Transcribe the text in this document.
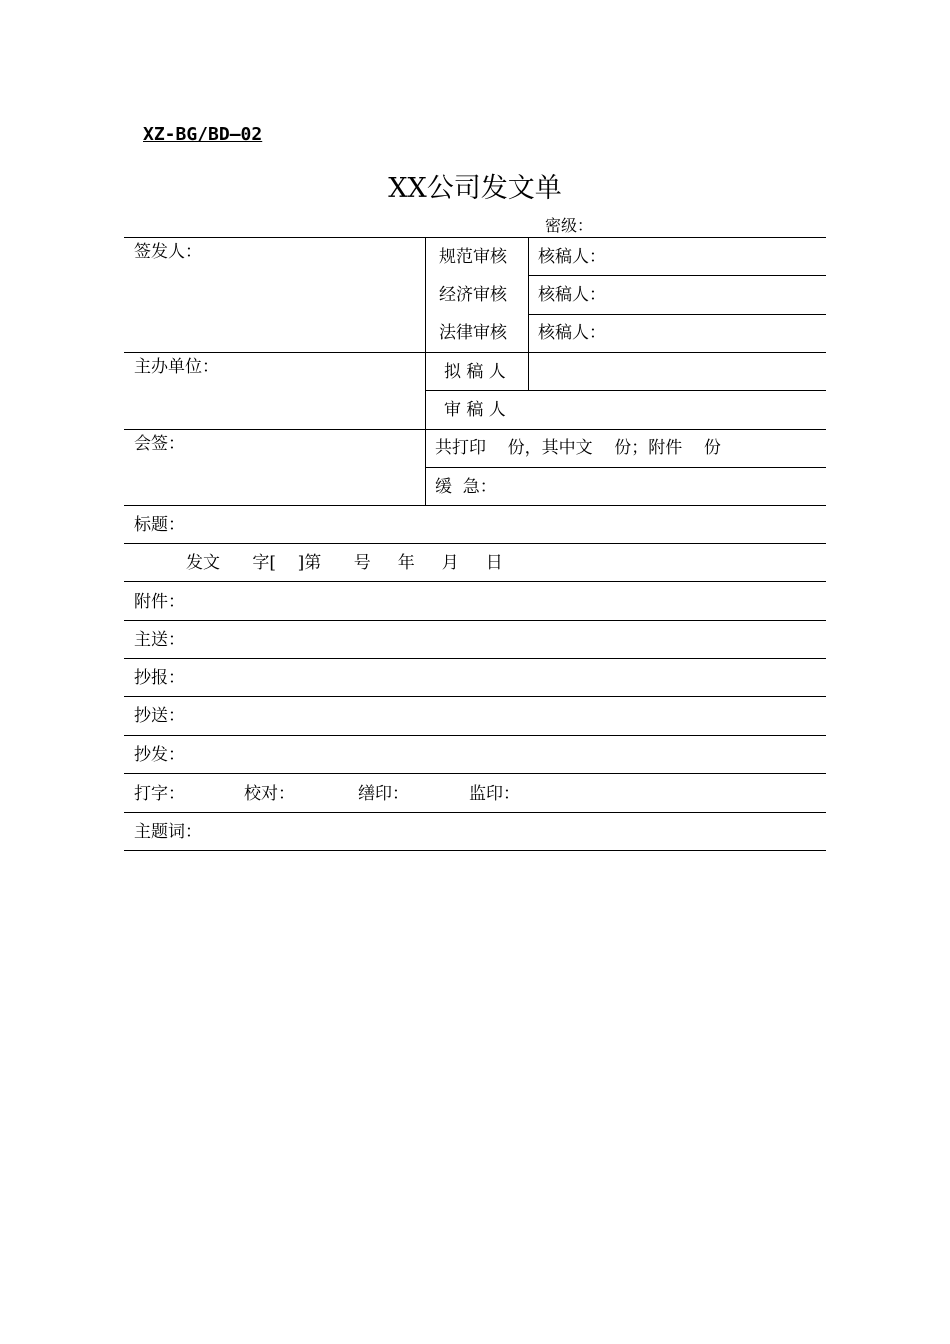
XZ-BG/BD—02
XX公司发文单
密级：
签发人：	规范审核 核稿人：
经济审核 核稿人：
法律审核 核稿人：
主办单位：	拟 稿 人
审 稿 人
会签：	共打印    份，其中文    份；附件    份
缓  急：
标题：
发文      字[    ]第      号     年     月     日
附件：
主送：
抄报：
抄送：
抄发：
打字：	校对：	缮印：	监印：
主题词：
